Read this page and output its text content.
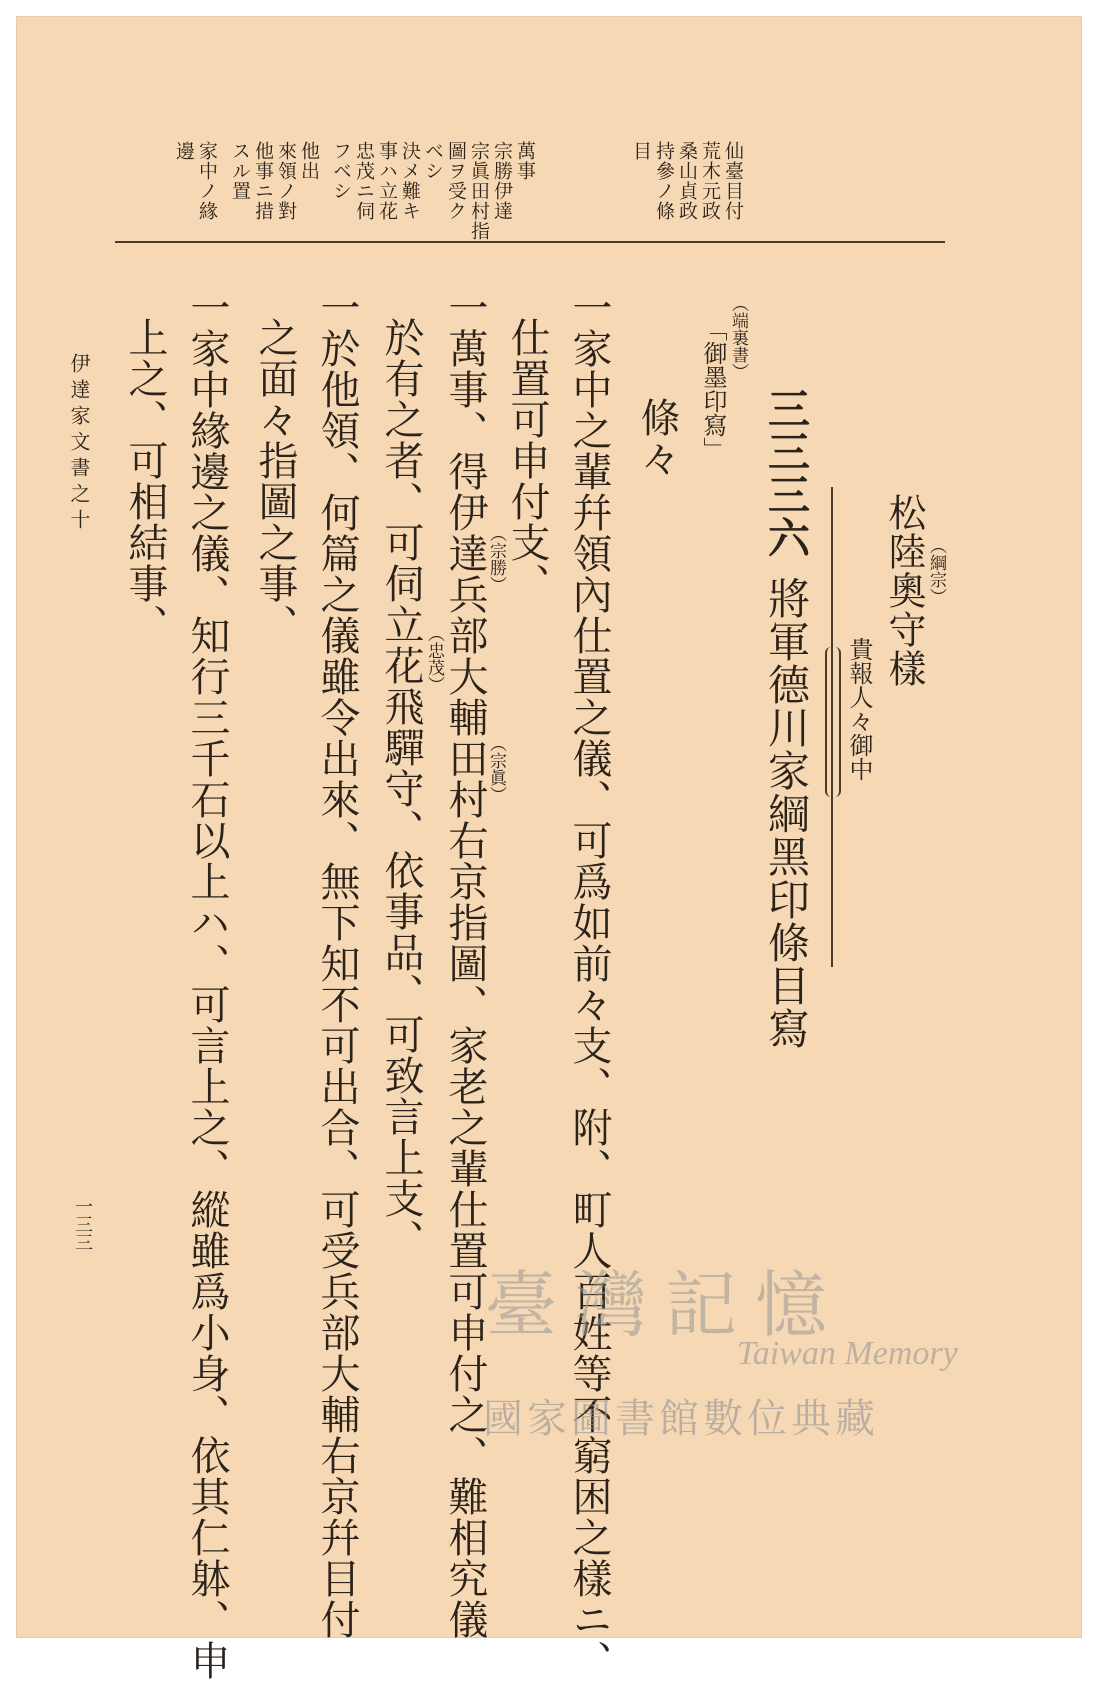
仙臺目付
荒木元政
桑山貞政
持參ノ條
目
萬事
宗勝伊達
宗眞田村指
圖ヲ受ク
ベシ
決メ難キ
事ハ立花
忠茂ニ伺
フベシ
他出
來領ノ對
他事ニ措
スル置
家中ノ緣
邊
松陸奧守樣 （綱宗）
貴報人々御中
三三三六
將軍德川家綱黑印條目寫
（端裏書）
「御墨印寫」
條々
一家中之輩幷領內仕置之儀、可爲如前々支、附、町人百姓等不窮困之樣ニ、
仕置可申付支、
一萬事、得伊達兵部大輔田村右京指圖、家老之輩仕置可申付之、難相究儀
於有之者、可伺立花飛驒守、依事品、可致言上支、
一於他領、何篇之儀雖令出來、無下知不可出合、可受兵部大輔右京幷目付
之面々指圖之事、
一家中緣邊之儀、知行三千石以上ハ、可言上之、縱雖爲小身、依其仁躰、申
上之、可相結事、	（宗勝）
（宗眞）
（忠茂）
伊達家文書之十
一三三
臺灣記憶
Taiwan Memory
國家圖書館數位典藏
